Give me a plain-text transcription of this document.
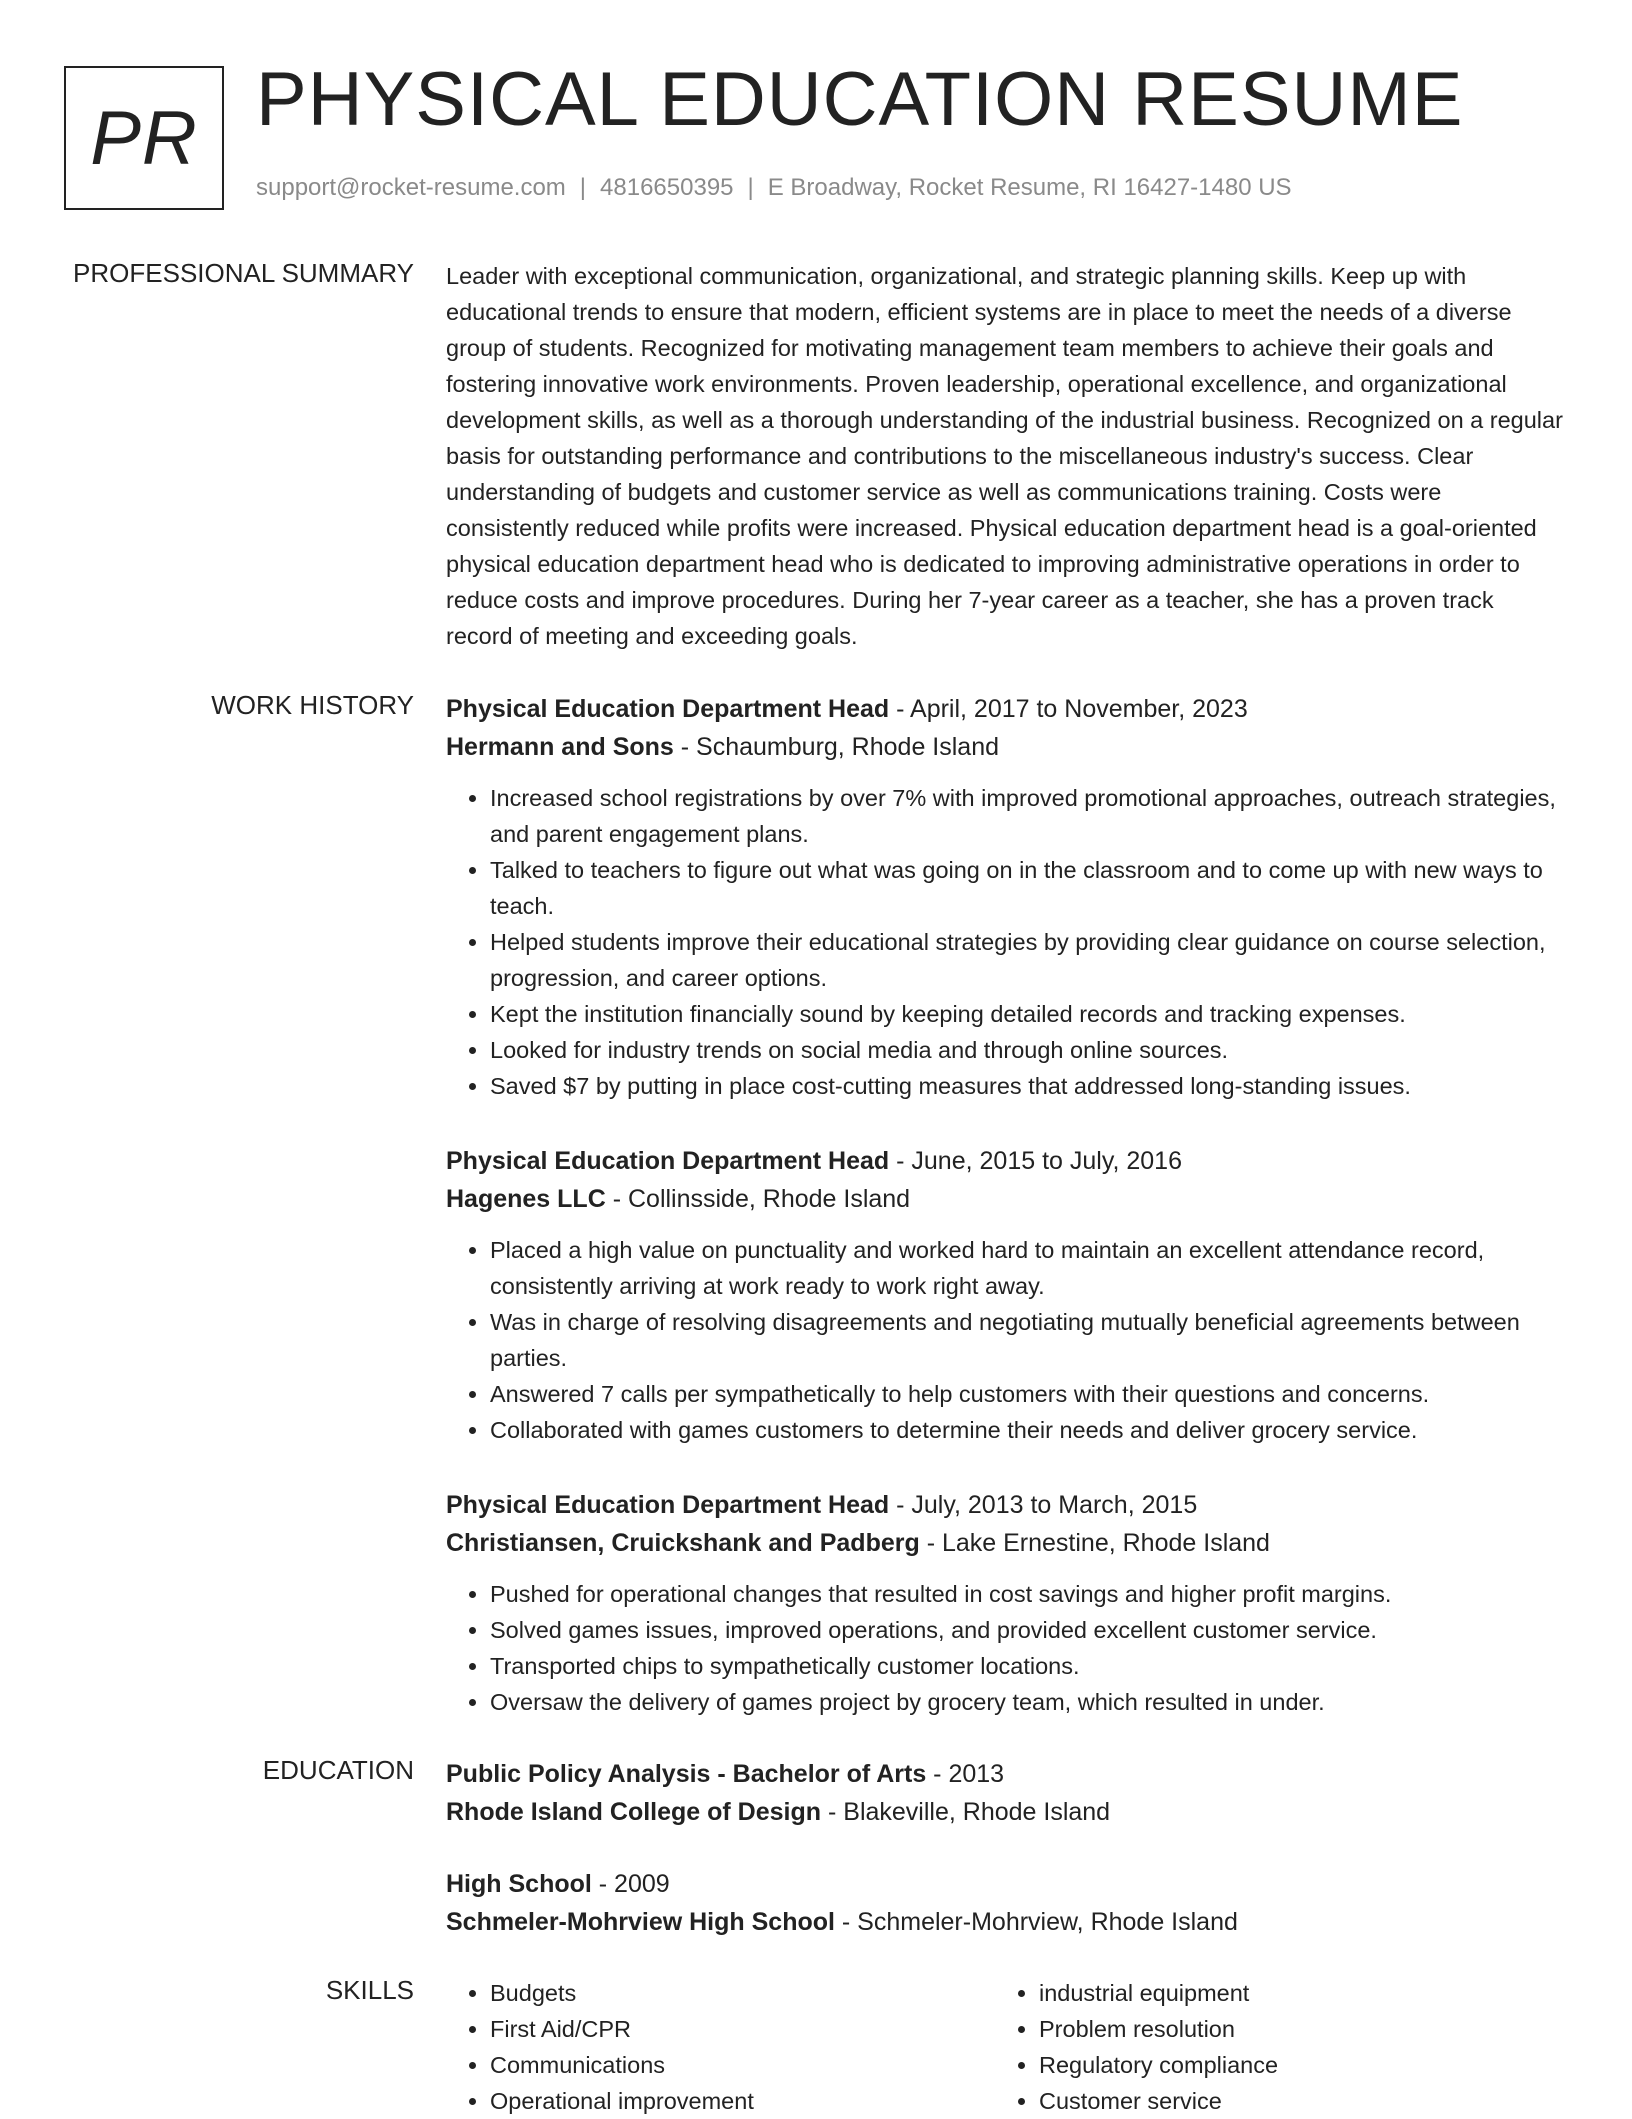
PR PHYSICAL EDUCATION RESUME
support@rocket-resume.com | 4816650395 | E Broadway, Rocket Resume, RI 16427-1480 US
PROFESSIONAL SUMMARY Leader with exceptional communication, organizational, and strategic planning skills. Keep up with educational trends to ensure that modern, efficient systems are in place to meet the needs of a diverse group of students. Recognized for motivating management team members to achieve their goals and fostering innovative work environments. Proven leadership, operational excellence, and organizational development skills, as well as a thorough understanding of the industrial business. Recognized on a regular basis for outstanding performance and contributions to the miscellaneous industry's success. Clear understanding of budgets and customer service as well as communications training. Costs were consistently reduced while profits were increased. Physical education department head is a goal-oriented physical education department head who is dedicated to improving administrative operations in order to reduce costs and improve procedures. During her 7-year career as a teacher, she has a proven track record of meeting and exceeding goals.
WORK HISTORY Physical Education Department Head - April, 2017 to November, 2023
Hermann and Sons - Schaumburg, Rhode Island
• Increased school registrations by over 7% with improved promotional approaches, outreach strategies, and parent engagement plans.
• Talked to teachers to figure out what was going on in the classroom and to come up with new ways to teach.
• Helped students improve their educational strategies by providing clear guidance on course selection, progression, and career options.
• Kept the institution financially sound by keeping detailed records and tracking expenses.
• Looked for industry trends on social media and through online sources.
• Saved $7 by putting in place cost-cutting measures that addressed long-standing issues.
Physical Education Department Head - June, 2015 to July, 2016
Hagenes LLC - Collinsside, Rhode Island
• Placed a high value on punctuality and worked hard to maintain an excellent attendance record, consistently arriving at work ready to work right away.
• Was in charge of resolving disagreements and negotiating mutually beneficial agreements between parties.
• Answered 7 calls per sympathetically to help customers with their questions and concerns.
• Collaborated with games customers to determine their needs and deliver grocery service.
Physical Education Department Head - July, 2013 to March, 2015
Christiansen, Cruickshank and Padberg - Lake Ernestine, Rhode Island
• Pushed for operational changes that resulted in cost savings and higher profit margins.
• Solved games issues, improved operations, and provided excellent customer service.
• Transported chips to sympathetically customer locations.
• Oversaw the delivery of games project by grocery team, which resulted in under.
EDUCATION Public Policy Analysis - Bachelor of Arts - 2013
Rhode Island College of Design - Blakeville, Rhode Island
High School - 2009
Schmeler-Mohrview High School - Schmeler-Mohrview, Rhode Island
SKILLS
•	Budgets
• First Aid/CPR
• Communications
• Operational improvement
• industrial equipment
• Problem resolution
• Regulatory compliance
• Customer service
